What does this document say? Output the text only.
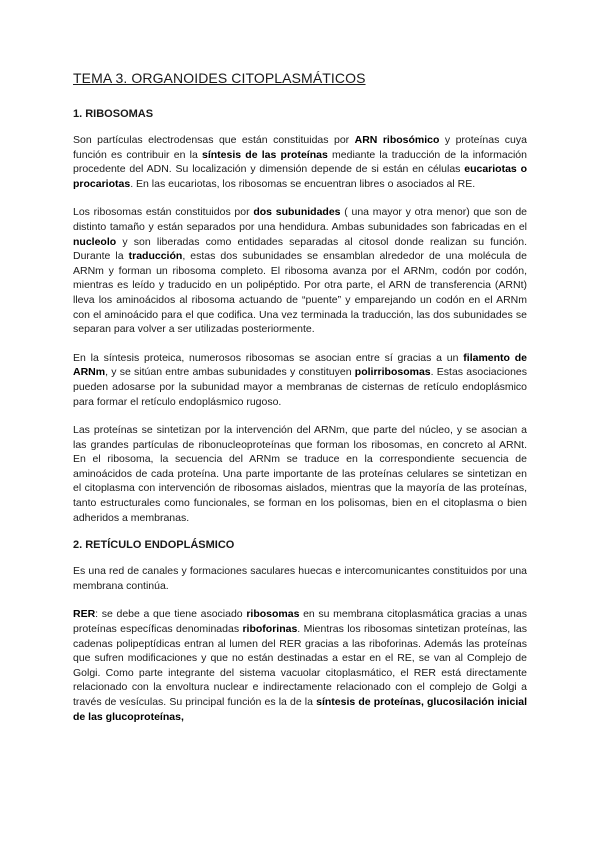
TEMA 3. ORGANOIDES CITOPLASMÁTICOS
1. RIBOSOMAS

Son partículas electrodensas que están constituidas por ARN ribosómico y proteínas cuya función es contribuir en la síntesis de las proteínas mediante la traducción de la información procedente del ADN. Su localización y dimensión depende de si están en células eucariotas o procariotas. En las eucariotas, los ribosomas se encuentran libres o asociados al RE.

Los ribosomas están constituidos por dos subunidades ( una mayor y otra menor) que son de distinto tamaño y están separados por una hendidura. Ambas subunidades son fabricadas en el nucleolo y son liberadas como entidades separadas al citosol donde realizan su función. Durante la traducción, estas dos subunidades se ensamblan alrededor de una molécula de ARNm y forman un ribosoma completo. El ribosoma avanza por el ARNm, codón por codón, mientras es leído y traducido en un polipéptido. Por otra parte, el ARN de transferencia (ARNt) lleva los aminoácidos al ribosoma actuando de “puente” y emparejando un codón en el ARNm con el aminoácido para el que codifica. Una vez terminada la traducción, las dos subunidades se separan para volver a ser utilizadas posteriormente.

En la síntesis proteica, numerosos ribosomas se asocian entre sí gracias a un filamento de ARNm, y se sitúan entre ambas subunidades y constituyen polirribosomas. Estas asociaciones pueden adosarse por la subunidad mayor a membranas de cisternas de retículo endoplásmico para formar el retículo endoplásmico rugoso.

Las proteínas se sintetizan por la intervención del ARNm, que parte del núcleo, y se asocian a las grandes partículas de ribonucleoproteínas que forman los ribosomas, en concreto al ARNt. En el ribosoma, la secuencia del ARNm se traduce en la correspondiente secuencia de aminoácidos de cada proteína. Una parte importante de las proteínas celulares se sintetizan en el citoplasma con intervención de ribosomas aislados, mientras que la mayoría de las proteínas, tanto estructurales como funcionales, se forman en los polisomas, bien en el citoplasma o bien adheridos a membranas.

2. RETÍCULO ENDOPLÁSMICO

Es una red de canales y formaciones saculares huecas e intercomunicantes constituidos por una membrana continúa.

RER: se debe a que tiene asociado ribosomas en su membrana citoplasmática gracias a unas proteínas específicas denominadas riboforinas. Mientras los ribosomas sintetizan proteínas, las cadenas polipeptídicas entran al lumen del RER gracias a las riboforinas. Además las proteínas que sufren modificaciones y que no están destinadas a estar en el RE, se van al Complejo de Golgi. Como parte integrante del sistema vacuolar citoplasmático, el RER está directamente relacionado con la envoltura nuclear e indirectamente relacionado con el complejo de Golgi a través de vesículas. Su principal función es la de la síntesis de proteínas, glucosilación inicial de las glucoproteínas,
